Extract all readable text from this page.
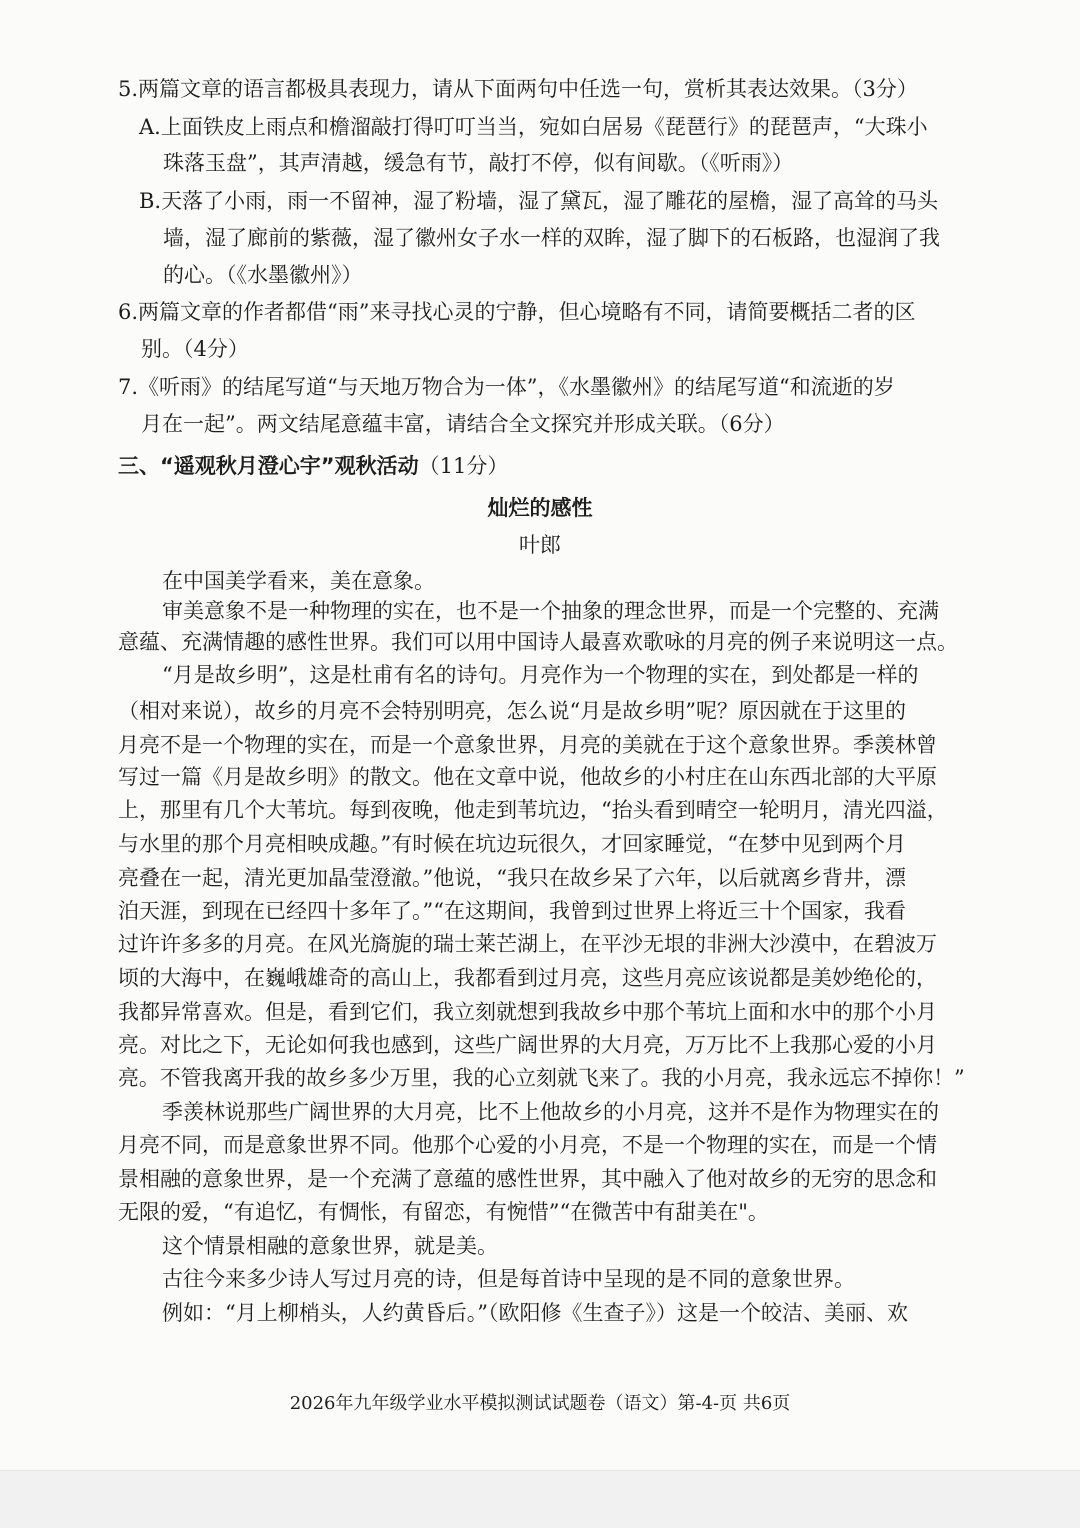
5.两篇文章的语言都极具表现力，请从下面两句中任选一句，赏析其表达效果。（3分）
A.上面铁皮上雨点和檐溜敲打得叮叮当当，宛如白居易《琵琶行》的琵琶声，“大珠小
珠落玉盘”，其声清越，缓急有节，敲打不停，似有间歇。（《听雨》）
B.天落了小雨，雨一不留神，湿了粉墙，湿了黛瓦，湿了雕花的屋檐，湿了高耸的马头
墙，湿了廊前的紫薇，湿了徽州女子水一样的双眸，湿了脚下的石板路，也湿润了我
的心。（《水墨徽州》）
6.两篇文章的作者都借“雨”来寻找心灵的宁静，但心境略有不同，请简要概括二者的区
别。（4分）
7.《听雨》的结尾写道“与天地万物合为一体”，《水墨徽州》的结尾写道“和流逝的岁
月在一起”。两文结尾意蕴丰富，请结合全文探究并形成关联。（6分）
三、“遥观秋月澄心宇”观秋活动（11分）
灿烂的感性
叶郎
在中国美学看来，美在意象。
审美意象不是一种物理的实在，也不是一个抽象的理念世界，而是一个完整的、充满
意蕴、充满情趣的感性世界。我们可以用中国诗人最喜欢歌咏的月亮的例子来说明这一点。
“月是故乡明”，这是杜甫有名的诗句。月亮作为一个物理的实在，到处都是一样的
（相对来说），故乡的月亮不会特别明亮，怎么说“月是故乡明”呢？原因就在于这里的
月亮不是一个物理的实在，而是一个意象世界，月亮的美就在于这个意象世界。季羡林曾
写过一篇《月是故乡明》的散文。他在文章中说，他故乡的小村庄在山东西北部的大平原
上，那里有几个大苇坑。每到夜晚，他走到苇坑边，“抬头看到晴空一轮明月，清光四溢，
与水里的那个月亮相映成趣。”有时候在坑边玩很久，才回家睡觉，“在梦中见到两个月
亮叠在一起，清光更加晶莹澄澈。”他说，“我只在故乡呆了六年，以后就离乡背井，漂
泊天涯，到现在已经四十多年了。”“在这期间，我曾到过世界上将近三十个国家，我看
过许许多多的月亮。在风光旖旎的瑞士莱芒湖上，在平沙无垠的非洲大沙漠中，在碧波万
顷的大海中，在巍峨雄奇的高山上，我都看到过月亮，这些月亮应该说都是美妙绝伦的，
我都异常喜欢。但是，看到它们，我立刻就想到我故乡中那个苇坑上面和水中的那个小月
亮。对比之下，无论如何我也感到，这些广阔世界的大月亮，万万比不上我那心爱的小月
亮。不管我离开我的故乡多少万里，我的心立刻就飞来了。我的小月亮，我永远忘不掉你！”
季羡林说那些广阔世界的大月亮，比不上他故乡的小月亮，这并不是作为物理实在的
月亮不同，而是意象世界不同。他那个心爱的小月亮，不是一个物理的实在，而是一个情
景相融的意象世界，是一个充满了意蕴的感性世界，其中融入了他对故乡的无穷的思念和
无限的爱，“有追忆，有惆怅，有留恋，有惋惜”“在微苦中有甜美在"。
这个情景相融的意象世界，就是美。
古往今来多少诗人写过月亮的诗，但是每首诗中呈现的是不同的意象世界。
例如：“月上柳梢头，人约黄昏后。”（欧阳修《生查子》）这是一个皎洁、美丽、欢
2026年九年级学业水平模拟测试试题卷（语文）第-4-页 共6页
